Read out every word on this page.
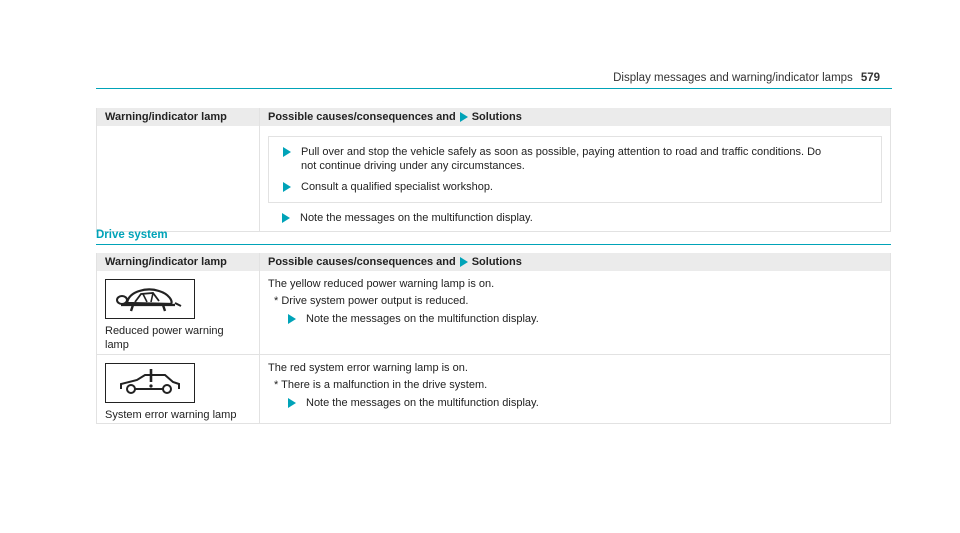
Display messages and warning/indicator lamps 579
Warning/indicator lamp	Possible causes/consequences and Solutions
Pull over and stop the vehicle safely as soon as possible, paying attention to road and traffic conditions. Do
not continue driving under any circumstances.
Consult a qualified specialist workshop.
Note the messages on the multifunction display.
Drive system
Warning/indicator lamp	Possible causes/consequences and Solutions
Reduced power warning
lamp
The yellow reduced power warning lamp is on.
* Drive system power output is reduced.
Note the messages on the multifunction display.
System error warning lamp
The red system error warning lamp is on.
* There is a malfunction in the drive system.
Note the messages on the multifunction display.
